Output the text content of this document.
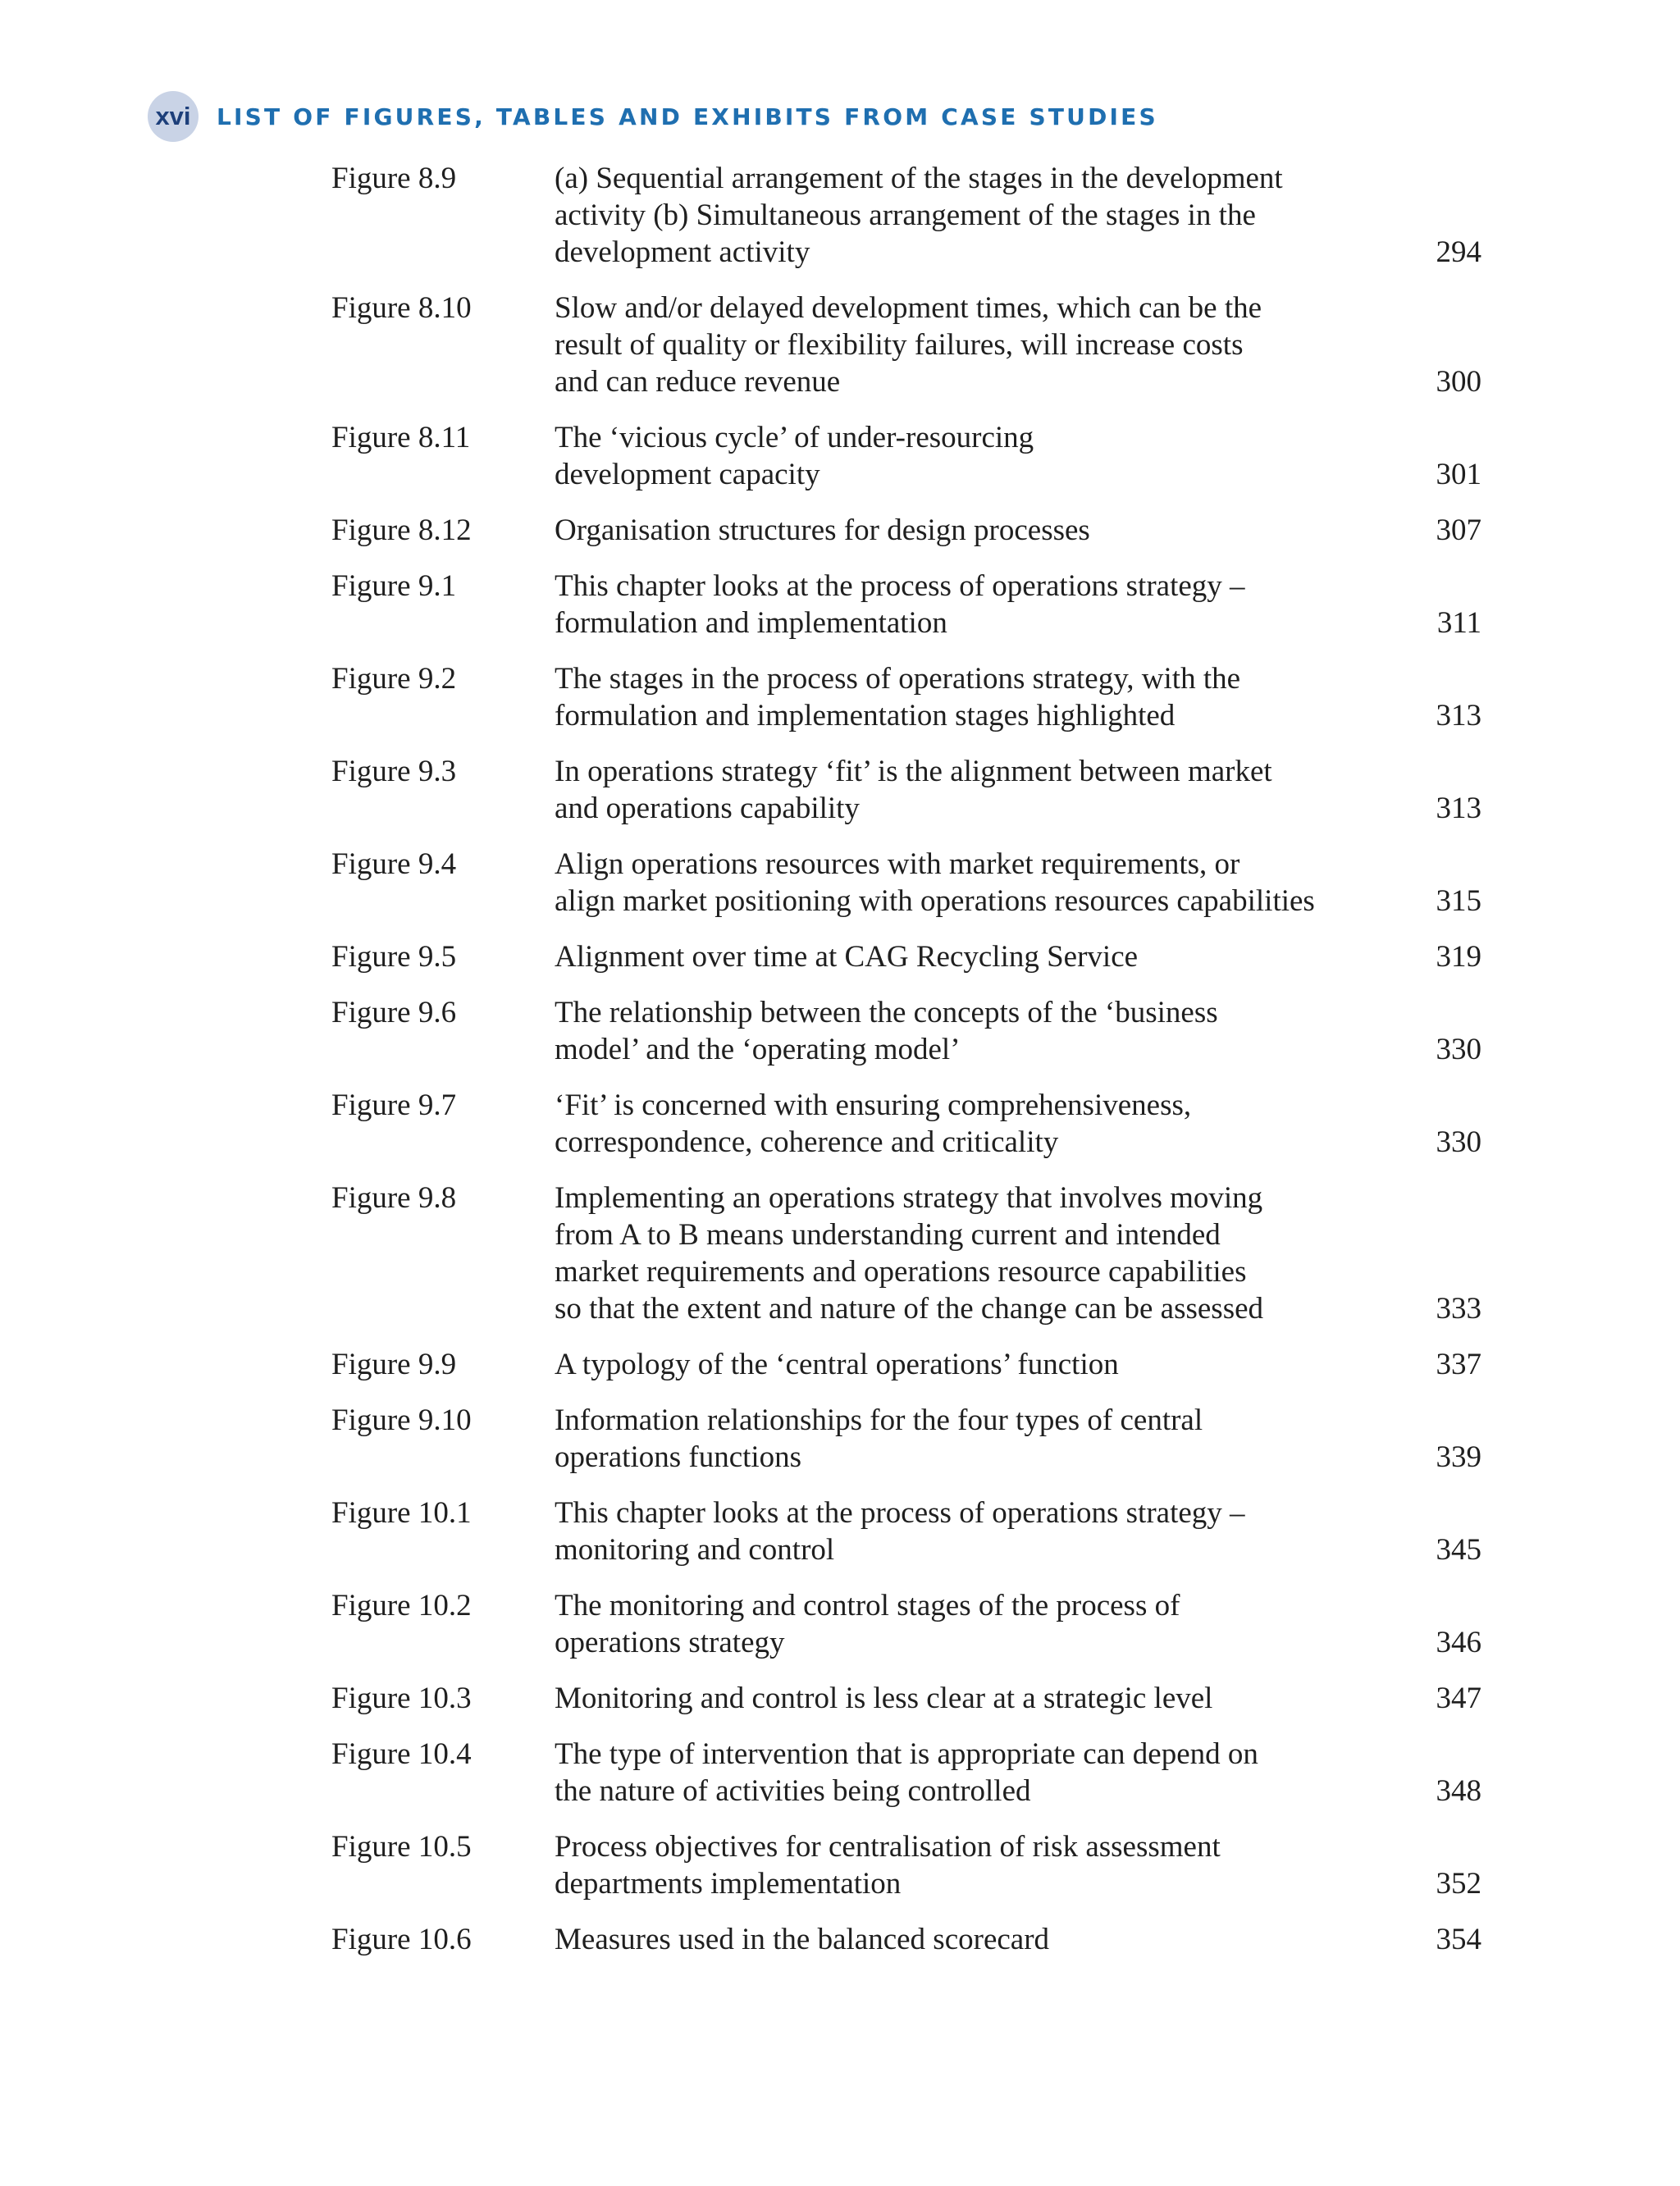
xvi	LIST OF FIGURES, TABLES AND EXHIBITS FROM CASE STUDIES
Figure 8.9	(a) Sequential arrangement of the stages in the development
activity (b) Simultaneous arrangement of the stages in the
development activity	294
Figure 8.10	Slow and/or delayed development times, which can be the
result of quality or flexibility failures, will increase costs
and can reduce revenue	300
Figure 8.11	The ‘vicious cycle’ of under-resourcing
development capacity	301
Figure 8.12	Organisation structures for design processes	307
Figure 9.1	This chapter looks at the process of operations strategy –
formulation and implementation	311
Figure 9.2	The stages in the process of operations strategy, with the
formulation and implementation stages highlighted	313
Figure 9.3	In operations strategy ‘fit’ is the alignment between market
and operations capability	313
Figure 9.4	Align operations resources with market requirements, or
align market positioning with operations resources capabilities	315
Figure 9.5	Alignment over time at CAG Recycling Service	319
Figure 9.6	The relationship between the concepts of the ‘business
model’ and the ‘operating model’	330
Figure 9.7	‘Fit’ is concerned with ensuring comprehensiveness,
correspondence, coherence and criticality	330
Figure 9.8	Implementing an operations strategy that involves moving
from A to B means understanding current and intended
market requirements and operations resource capabilities
so that the extent and nature of the change can be assessed	333
Figure 9.9	A typology of the ‘central operations’ function	337
Figure 9.10	Information relationships for the four types of central
operations functions	339
Figure 10.1	This chapter looks at the process of operations strategy –
monitoring and control	345
Figure 10.2	The monitoring and control stages of the process of
operations strategy	346
Figure 10.3	Monitoring and control is less clear at a strategic level	347
Figure 10.4	The type of intervention that is appropriate can depend on
the nature of activities being controlled	348
Figure 10.5	Process objectives for centralisation of risk assessment
departments implementation	352
Figure 10.6	Measures used in the balanced scorecard	354
